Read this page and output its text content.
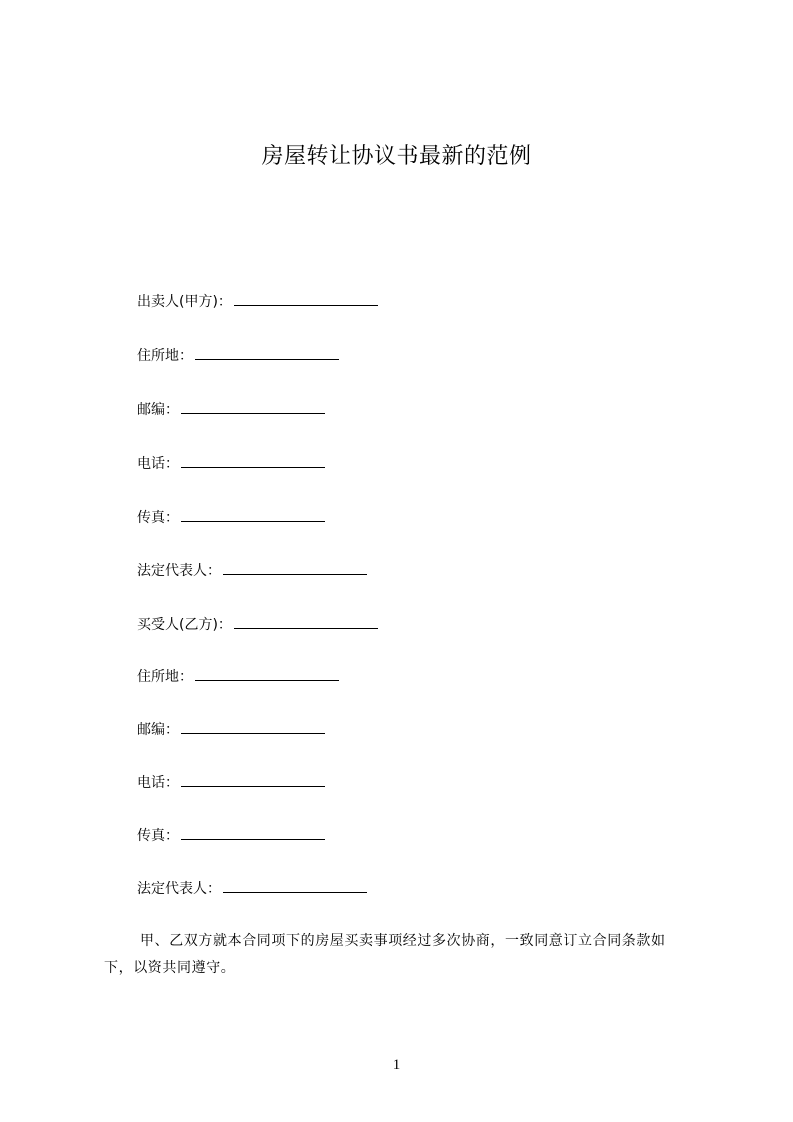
房屋转让协议书最新的范例
出卖人(甲方)：
住所地：
邮编：
电话：
传真：
法定代表人：
买受人(乙方)：
住所地：
邮编：
电话：
传真：
法定代表人：
甲、乙双方就本合同项下的房屋买卖事项经过多次协商，一致同意订立合同条款如下，以资共同遵守。
1
